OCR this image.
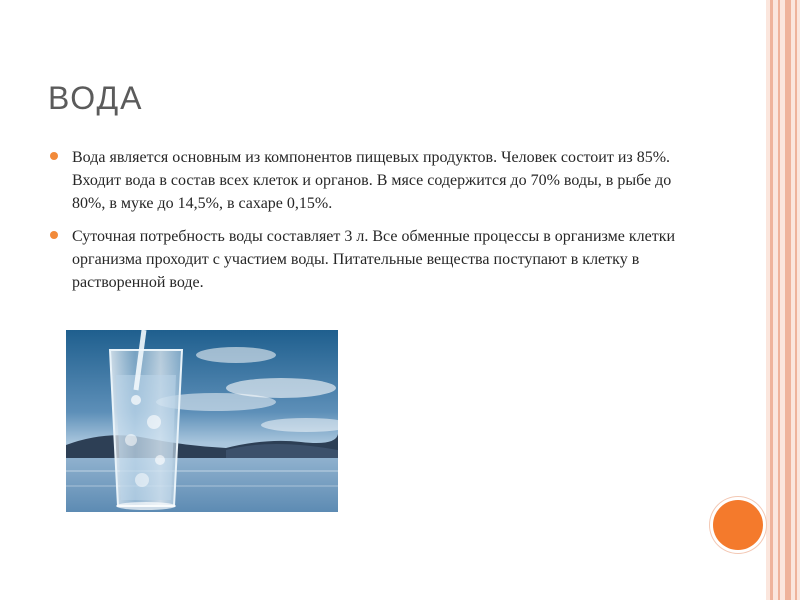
ВОДА
Вода является основным из компонентов пищевых продуктов. Человек состоит из 85%. Входит вода в состав всех клеток и органов. В мясе содержится до 70% воды, в рыбе до 80%, в муке до 14,5%, в сахаре 0,15%.
Суточная потребность воды составляет 3 л. Все обменные процессы в организме клетки организма проходит с участием воды. Питательные вещества поступают в клетку в растворенной воде.
